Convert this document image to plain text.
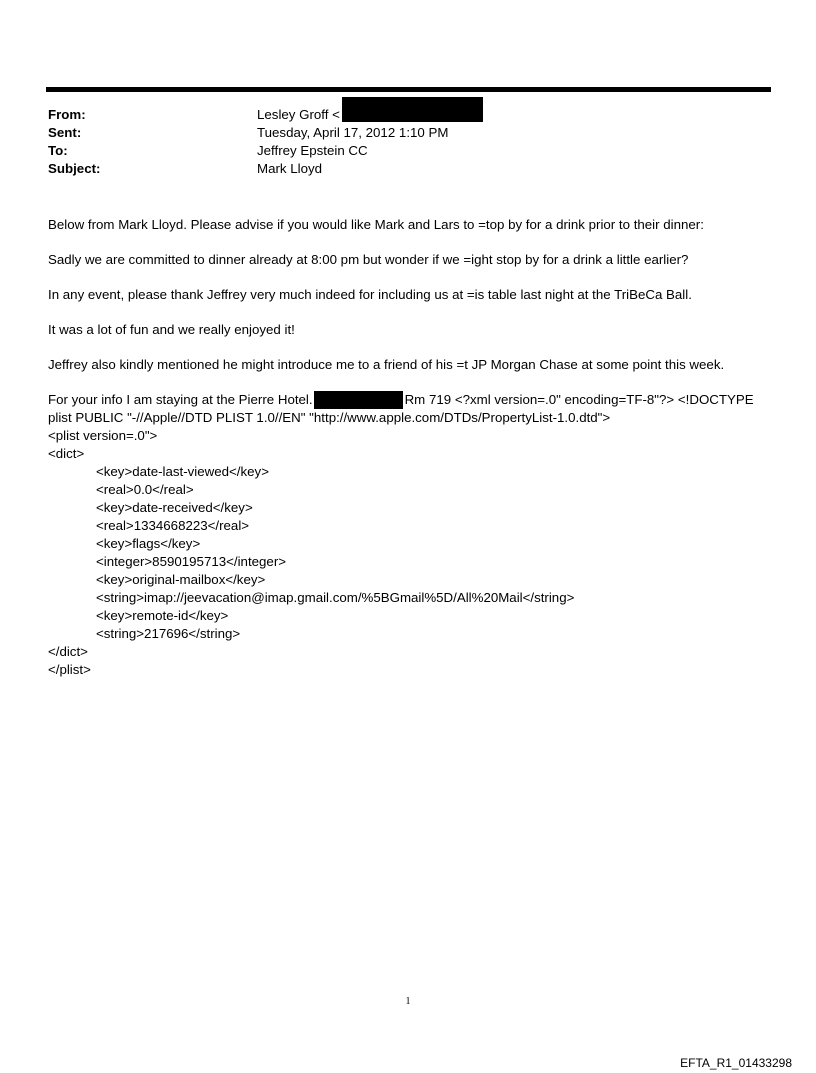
From:	Lesley Groff <
Sent:	Tuesday, April 17, 2012 1:10 PM
To:	Jeffrey Epstein CC
Subject:	Mark Lloyd

Below from Mark Lloyd. Please advise if you would like Mark and Lars to =top by for a drink prior to their dinner:

Sadly we are committed to dinner already at 8:00 pm but wonder if we =ight stop by for a drink a little earlier?

In any event, please thank Jeffrey very much indeed for including us at =is table last night at the TriBeCa Ball.

It was a lot of fun and we really enjoyed it!

Jeffrey also kindly mentioned he might introduce me to a friend of his =t JP Morgan Chase at some point this week.

For your info I am staying at the Pierre Hotel.	Rm 719 <?xml version=.0" encoding=TF-8"?> <!DOCTYPE

plist PUBLIC "-//Apple//DTD PLIST 1.0//EN" "http://www.apple.com/DTDs/PropertyList-1.0.dtd">

<plist version=.0">
<dict>
<key>date-last-viewed</key>
<real>0.0</real>
<key>date-received</key>
<real>1334668223</real>
<key>flags</key>
<integer>8590195713</integer>
<key>original-mailbox</key>
<string>imap://jeevacation@imap.gmail.com/%5BGmail%5D/All%20Mail</string>
<key>remote-id</key>
<string>217696</string>
</dict>
</plist>
1
EFTA_R1_01433298
